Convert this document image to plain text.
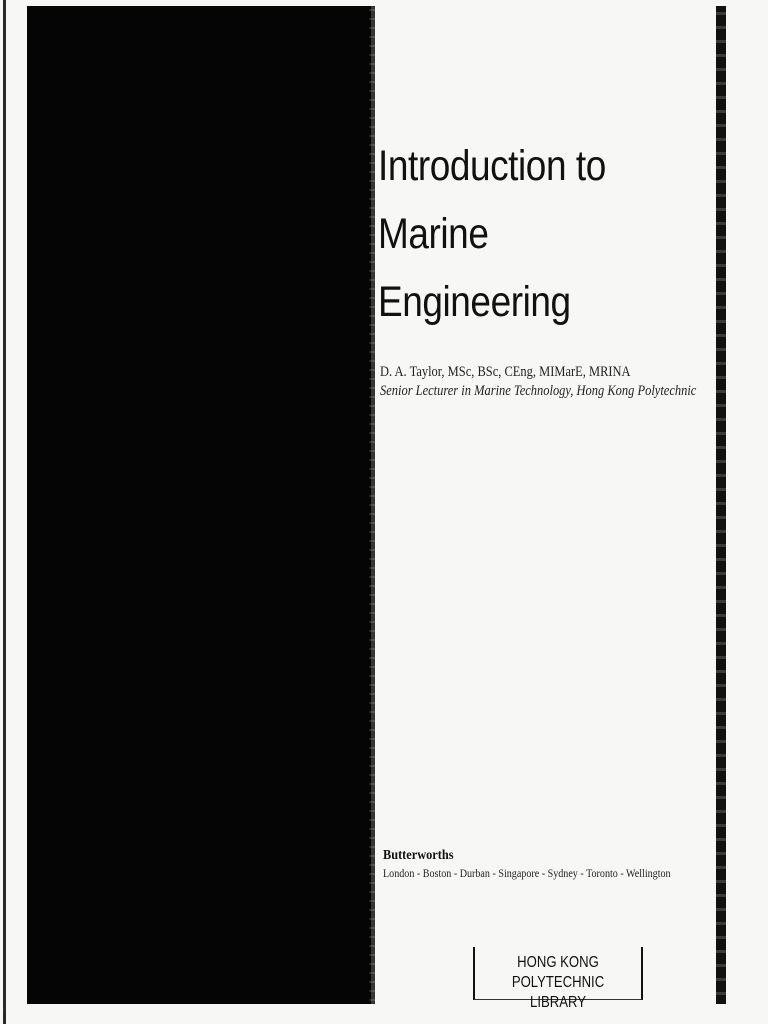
Introduction to
Marine
Engineering
D. A. Taylor, MSc, BSc, CEng, MIMarE, MRINA
Senior Lecturer in Marine Technology, Hong Kong Polytechnic
Butterworths
London - Boston - Durban - Singapore - Sydney - Toronto - Wellington
HONG KONG POLYTECHNIC
LIBRARY
